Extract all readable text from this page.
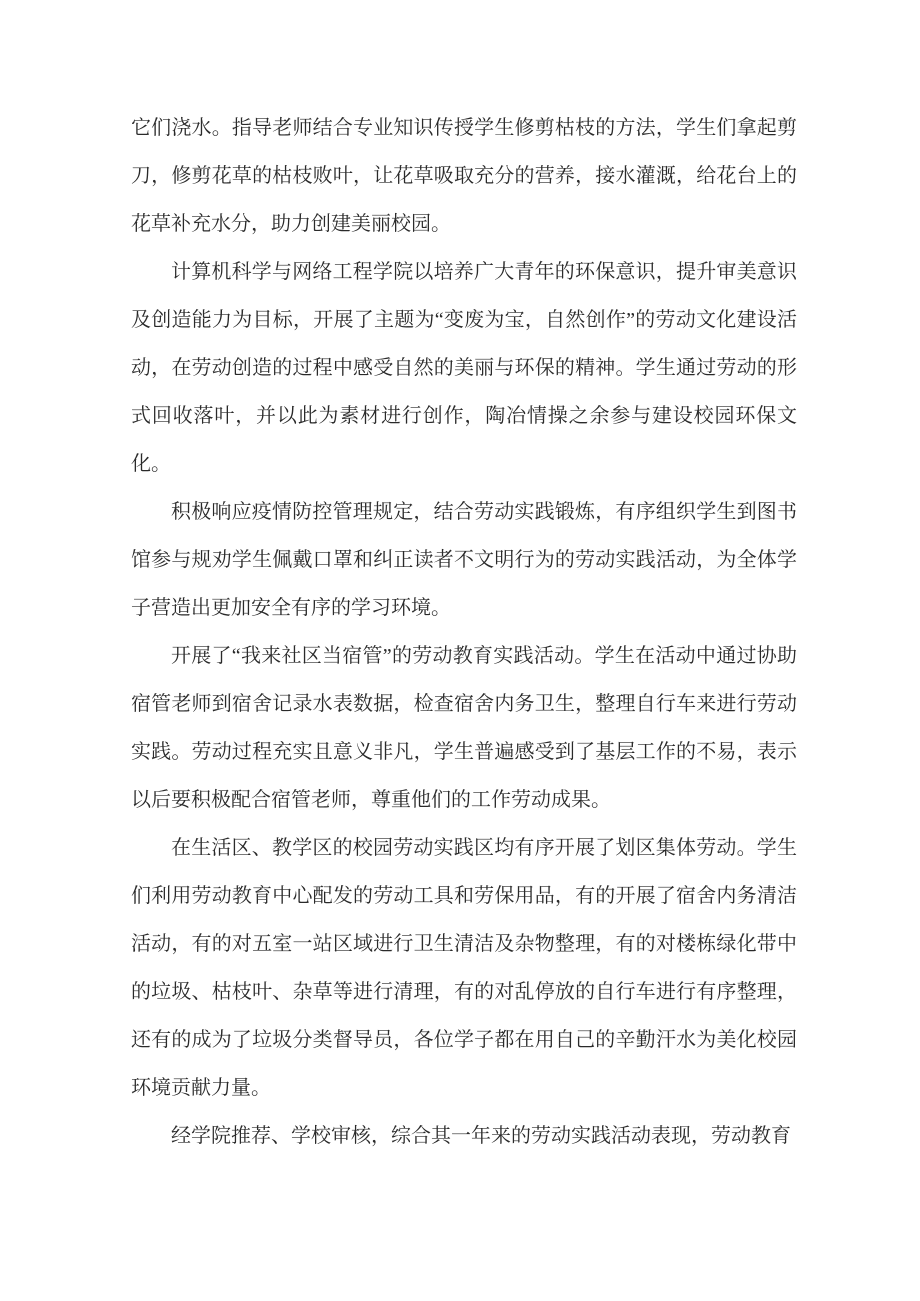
它们浇水。指导老师结合专业知识传授学生修剪枯枝的方法，学生们拿起剪刀，修剪花草的枯枝败叶，让花草吸取充分的营养，接水灌溉，给花台上的花草补充水分，助力创建美丽校园。

计算机科学与网络工程学院以培养广大青年的环保意识，提升审美意识及创造能力为目标，开展了主题为“变废为宝，自然创作”的劳动文化建设活动，在劳动创造的过程中感受自然的美丽与环保的精神。学生通过劳动的形式回收落叶，并以此为素材进行创作，陶冶情操之余参与建设校园环保文化。

积极响应疫情防控管理规定，结合劳动实践锻炼，有序组织学生到图书馆参与规劝学生佩戴口罩和纠正读者不文明行为的劳动实践活动，为全体学子营造出更加安全有序的学习环境。

开展了“我来社区当宿管”的劳动教育实践活动。学生在活动中通过协助宿管老师到宿舍记录水表数据，检查宿舍内务卫生，整理自行车来进行劳动实践。劳动过程充实且意义非凡，学生普遍感受到了基层工作的不易，表示以后要积极配合宿管老师，尊重他们的工作劳动成果。

在生活区、教学区的校园劳动实践区均有序开展了划区集体劳动。学生们利用劳动教育中心配发的劳动工具和劳保用品，有的开展了宿舍内务清洁活动，有的对五室一站区域进行卫生清洁及杂物整理，有的对楼栋绿化带中的垃圾、枯枝叶、杂草等进行清理，有的对乱停放的自行车进行有序整理，还有的成为了垃圾分类督导员，各位学子都在用自己的辛勤汗水为美化校园环境贡献力量。

经学院推荐、学校审核，综合其一年来的劳动实践活动表现，劳动教育
